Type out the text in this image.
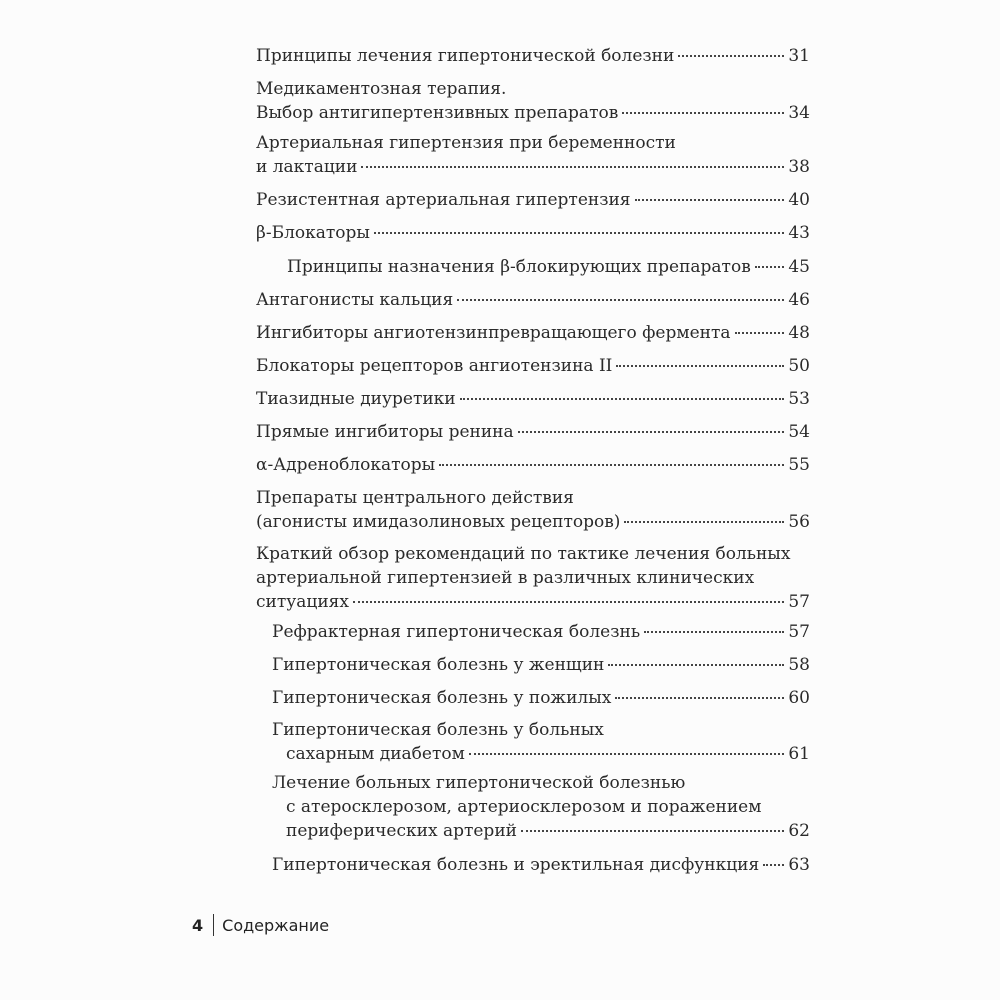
Принципы лечения гипертонической болезни	31
Медикаментозная терапия.
Выбор антигипертензивных препаратов	34
Артериальная гипертензия при беременности
и лактации	38
Резистентная артериальная гипертензия	40
β-Блокаторы	43
Принципы назначения β-блокирующих препаратов 45
Антагонисты кальция	46
Ингибиторы ангиотензинпревращающего фермента	48
Блокаторы рецепторов ангиотензина II	50
Тиазидные диуретики	53
Прямые ингибиторы ренина	54
α-Адреноблокаторы	55
Препараты центрального действия
(агонисты имидазолиновых рецепторов)	56
Краткий обзор рекомендаций по тактике лечения больных
артериальной гипертензией в различных клинических
ситуациях	57
Рефрактерная гипертоническая болезнь	57
Гипертоническая болезнь у женщин	58
Гипертоническая болезнь у пожилых	60
Гипертоническая болезнь у больных
сахарным диабетом	61
Лечение больных гипертонической болезнью
с атеросклерозом, артериосклерозом и поражением
периферических артерий	62
Гипертоническая болезнь и эректильная дисфункция 63
4 Содержание
